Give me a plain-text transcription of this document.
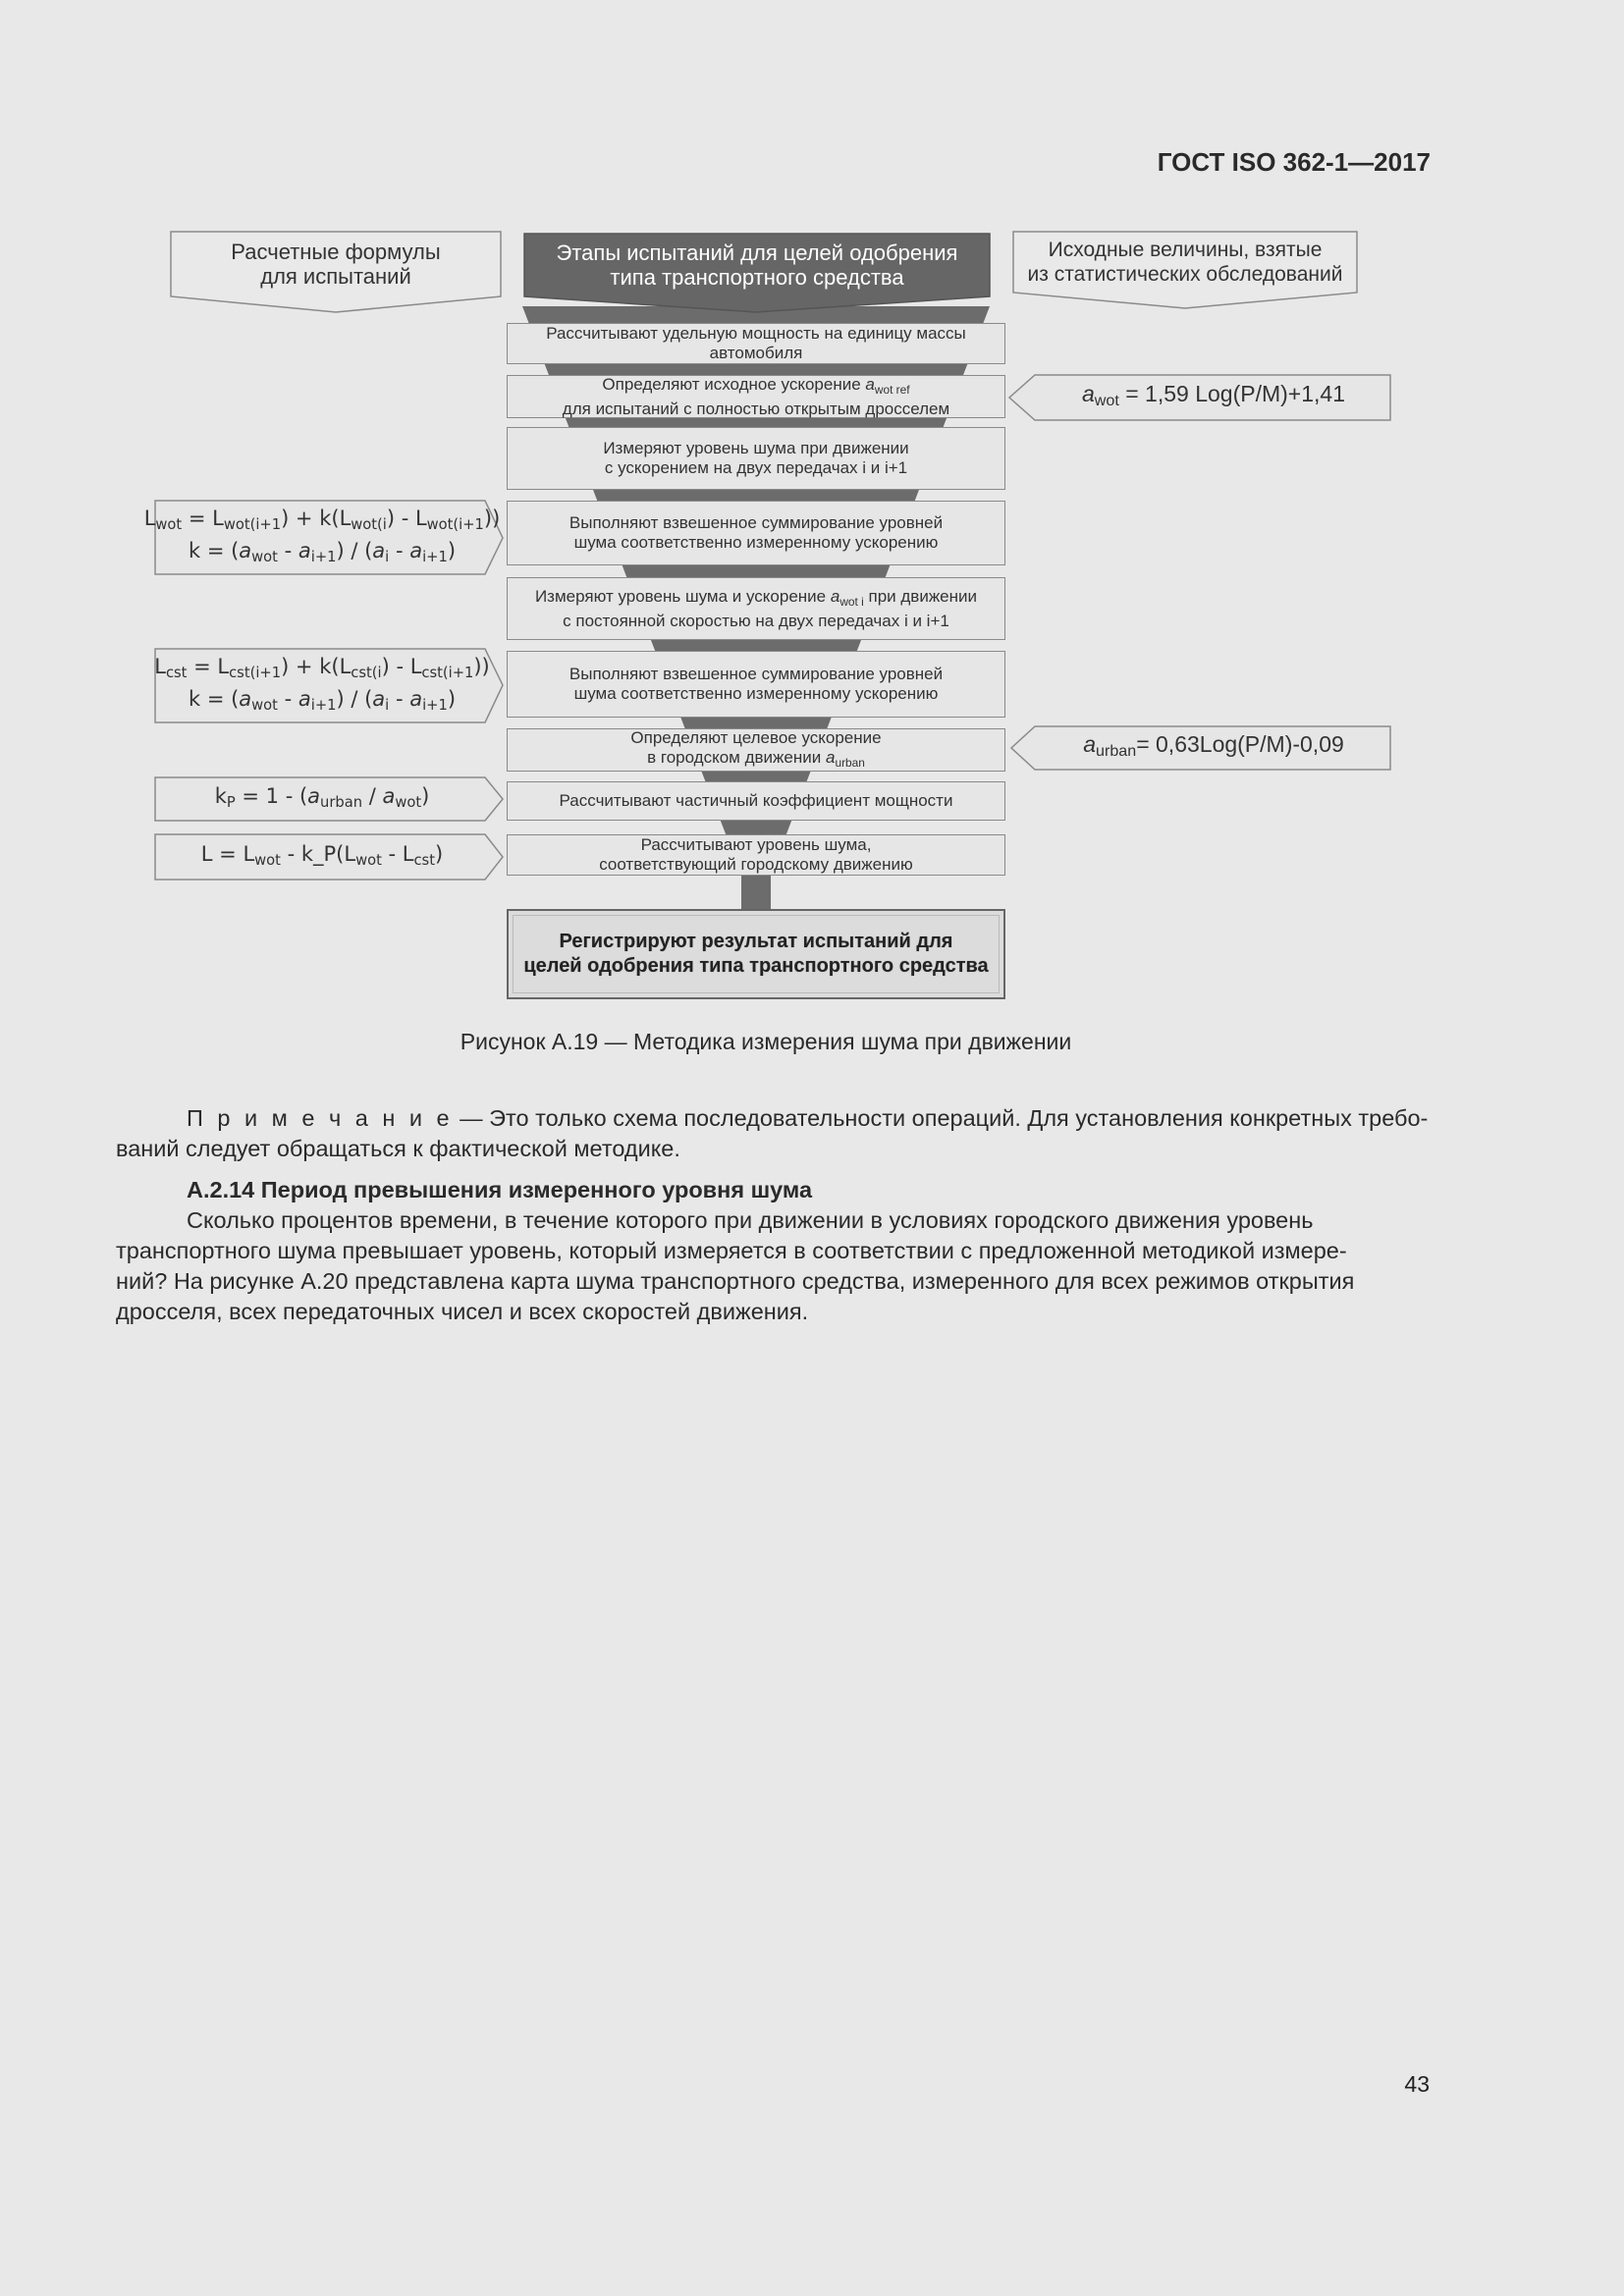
ГОСТ ISO 362-1—2017
Расчетные формулы
для испытаний
Этапы испытаний для целей одобрения
типа транспортного средства
Исходные величины, взятые
из статистических обследований
Рассчитывают удельную мощность на единицу массы
автомобиля
Определяют исходное ускорение $a_{wot ref}$
для испытаний с полностью открытым дросселем
Измеряют уровень шума при движении
с ускорением на двух передачах i и i+1
Выполняют взвешенное суммирование уровней
шума соответственно измеренному ускорению
Измеряют уровень шума и ускорение $a_{wot i}$ при движении
с постоянной скоростью на двух передачах i и i+1
Выполняют взвешенное суммирование уровней
шума соответственно измеренному ускорению
Определяют целевое ускорение
в городском движении $a_{urban}$
Рассчитывают частичный коэффициент мощности
Рассчитывают уровень шума,
соответствующий городскому движению
Регистрируют результат испытаний для
целей одобрения типа транспортного средства
$a_{wot} = 1,59$ Log(P/M)+1,41
$a_{urban}= 0,63Log(P/M)-0,09$
$L_{wot} = L_{wot(i+1}) + k(L_{wot(i}) - L_{wot(i+1}$))
$k = (a_{wot} - a_{i+1}) / (a_i - a_{i+1})$
$L_{cst} = L_{cst(i+1}) + k(L_{cst(i}) - L_{cst(i+1}$))
$k = (a_{wot} - a_{i+1}) / (a_i - a_{i+1})$
$k_P = 1 - (a_{urban} / a_{wot})$
$L = L_{wot}$ - $k\_P(L_{wot} - L_{cst})$
Рисунок А.19 — Методика измерения шума при движении
П р и м е ч а н и е — Это только схема последовательности операций. Для установления конкретных требо-
ваний следует обращаться к фактической методике.
А.2.14 Период превышения измеренного уровня шума
Сколько процентов времени, в течение которого при движении в условиях городского движения уровень
транспортного шума превышает уровень, который измеряется в соответствии с предложенной методикой измере-
ний? На рисунке А.20 представлена карта шума транспортного средства, измеренного для всех режимов открытия
дросселя, всех передаточных чисел и всех скоростей движения.
43
